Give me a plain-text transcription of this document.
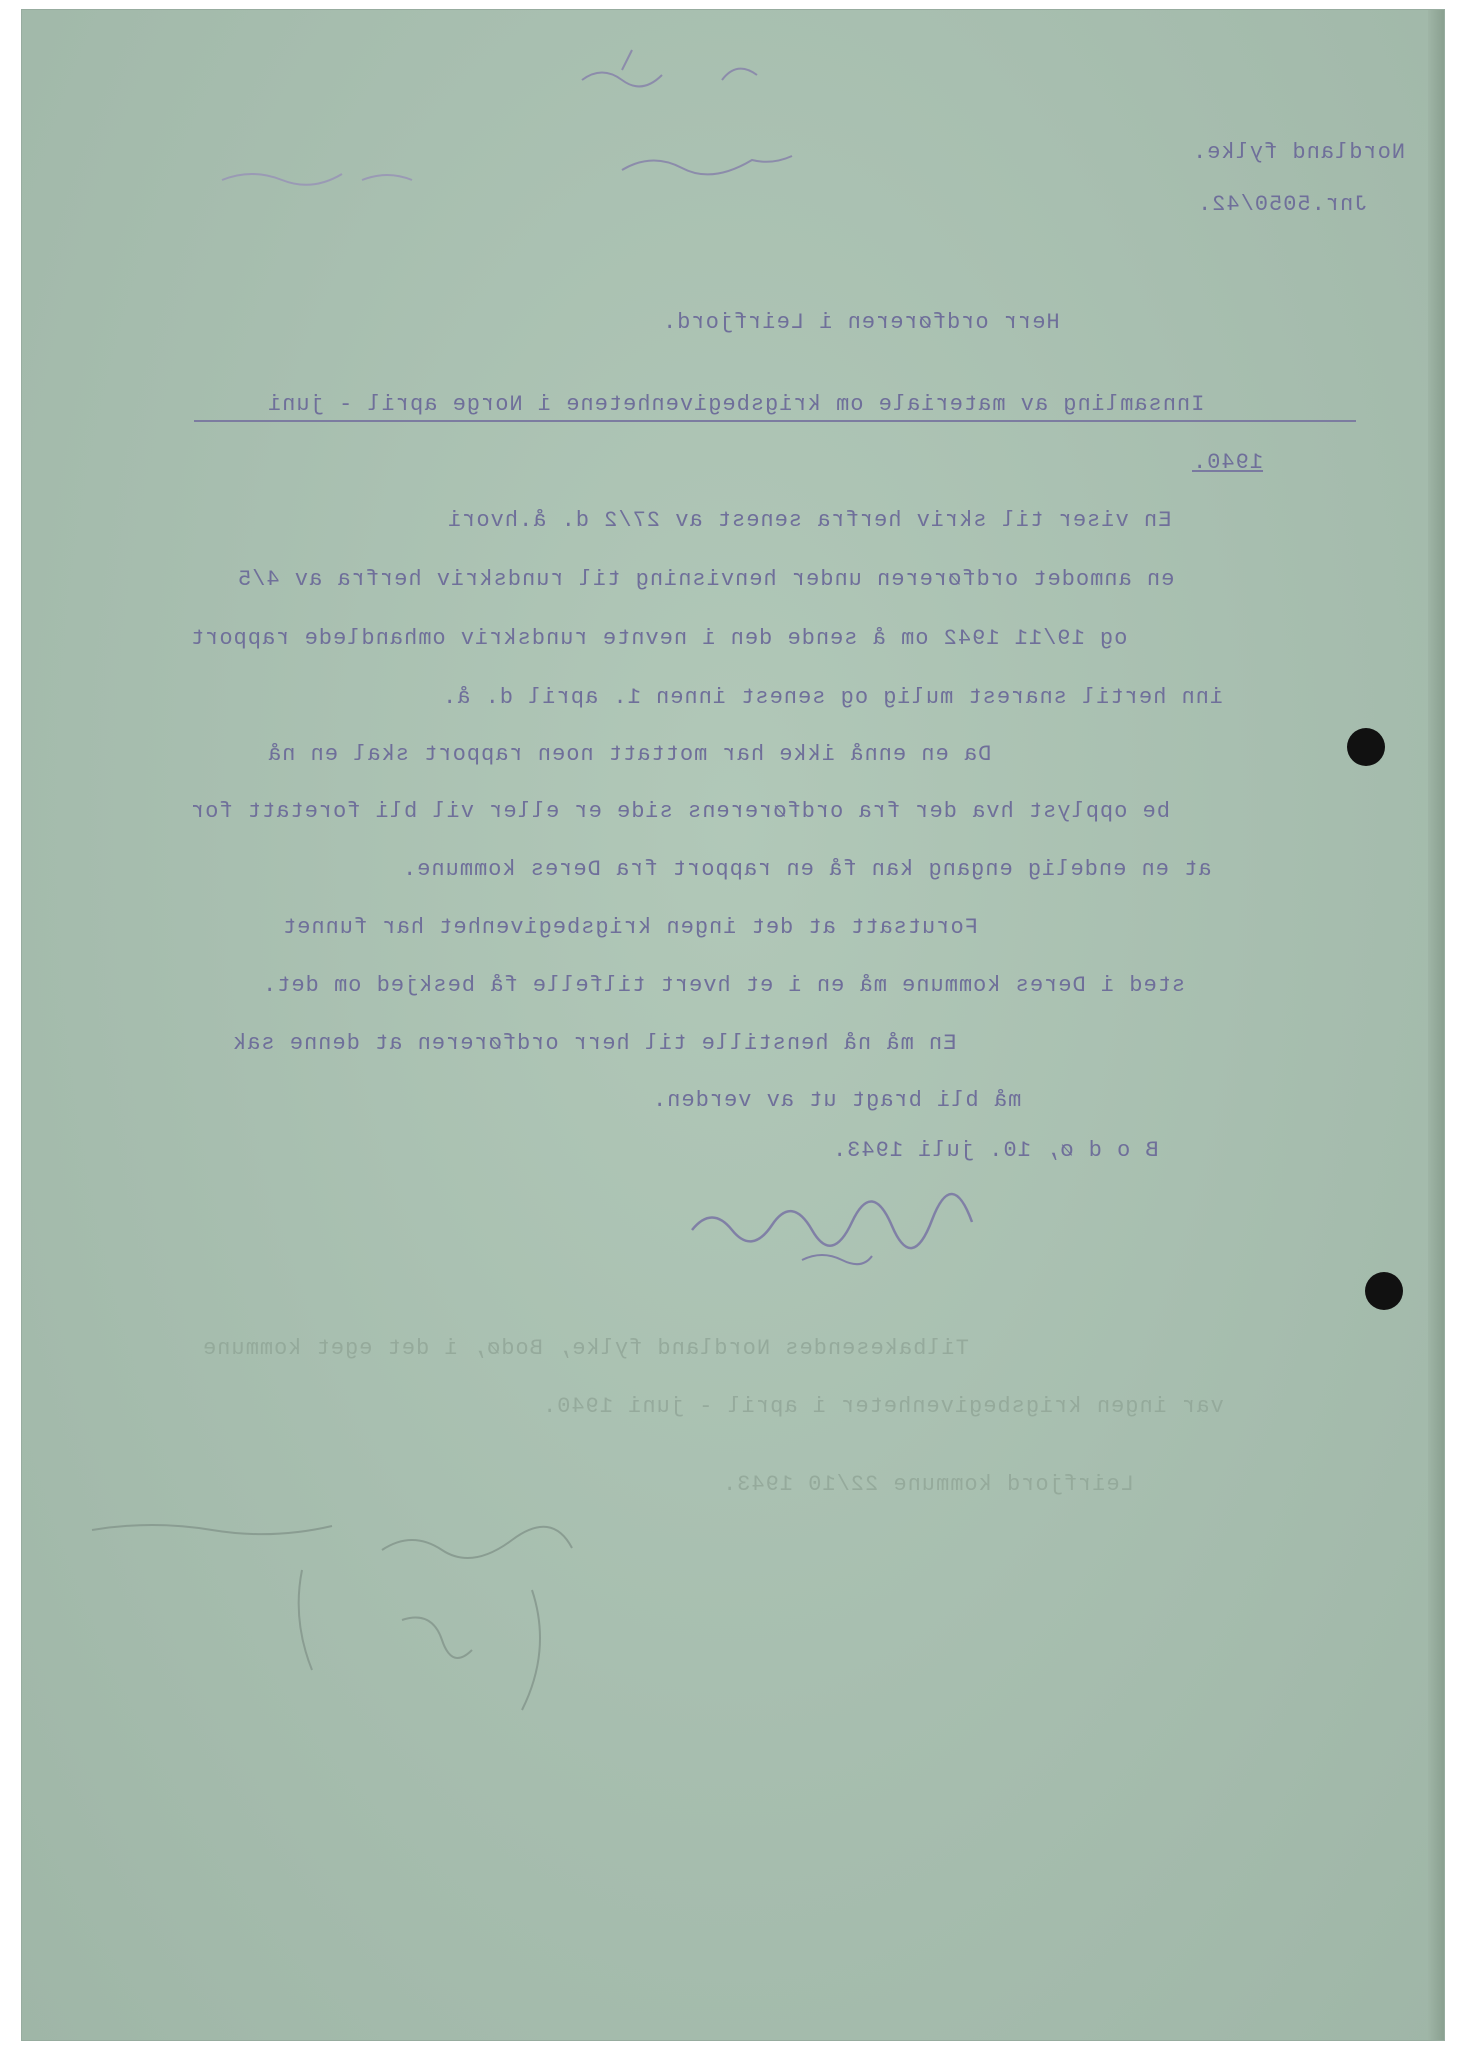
Nordland fylke.
Jnr.5050/42.
Herr ordføreren i Leirfjord.
Innsamling av materiale om krigsbegivenhetene i Norge april - juni
1940.
En viser til skriv herfra senest av 27/2 d. å.hvori
en anmodet ordføreren under henvisning til rundskriv herfra av 4/5
og 19/11 1942 om å sende den i nevnte rundskriv omhandlede rapport
inn hertil snarest mulig og senest innen 1. april d. å.
Da en ennå ikke har mottatt noen rapport skal en nå
be opplyst hva der fra ordførerens side er eller vil bli foretatt for
at en endelig engang kan få en rapport fra Deres kommune.
Forutsatt at det ingen krigsbegivenhet har funnet
sted i Deres kommune må en i et hvert tilfelle få beskjed om det.
En må nå henstille til herr ordføreren at denne sak
må bli bragt ut av verden.
B o d ø, 10. juli 1943.
Tilbakesendes Nordland fylke, Bodø, i det eget kommune
var ingen krigsbegivenheter i april - juni 1940.
Leirfjord kommune 22/10 1943.
